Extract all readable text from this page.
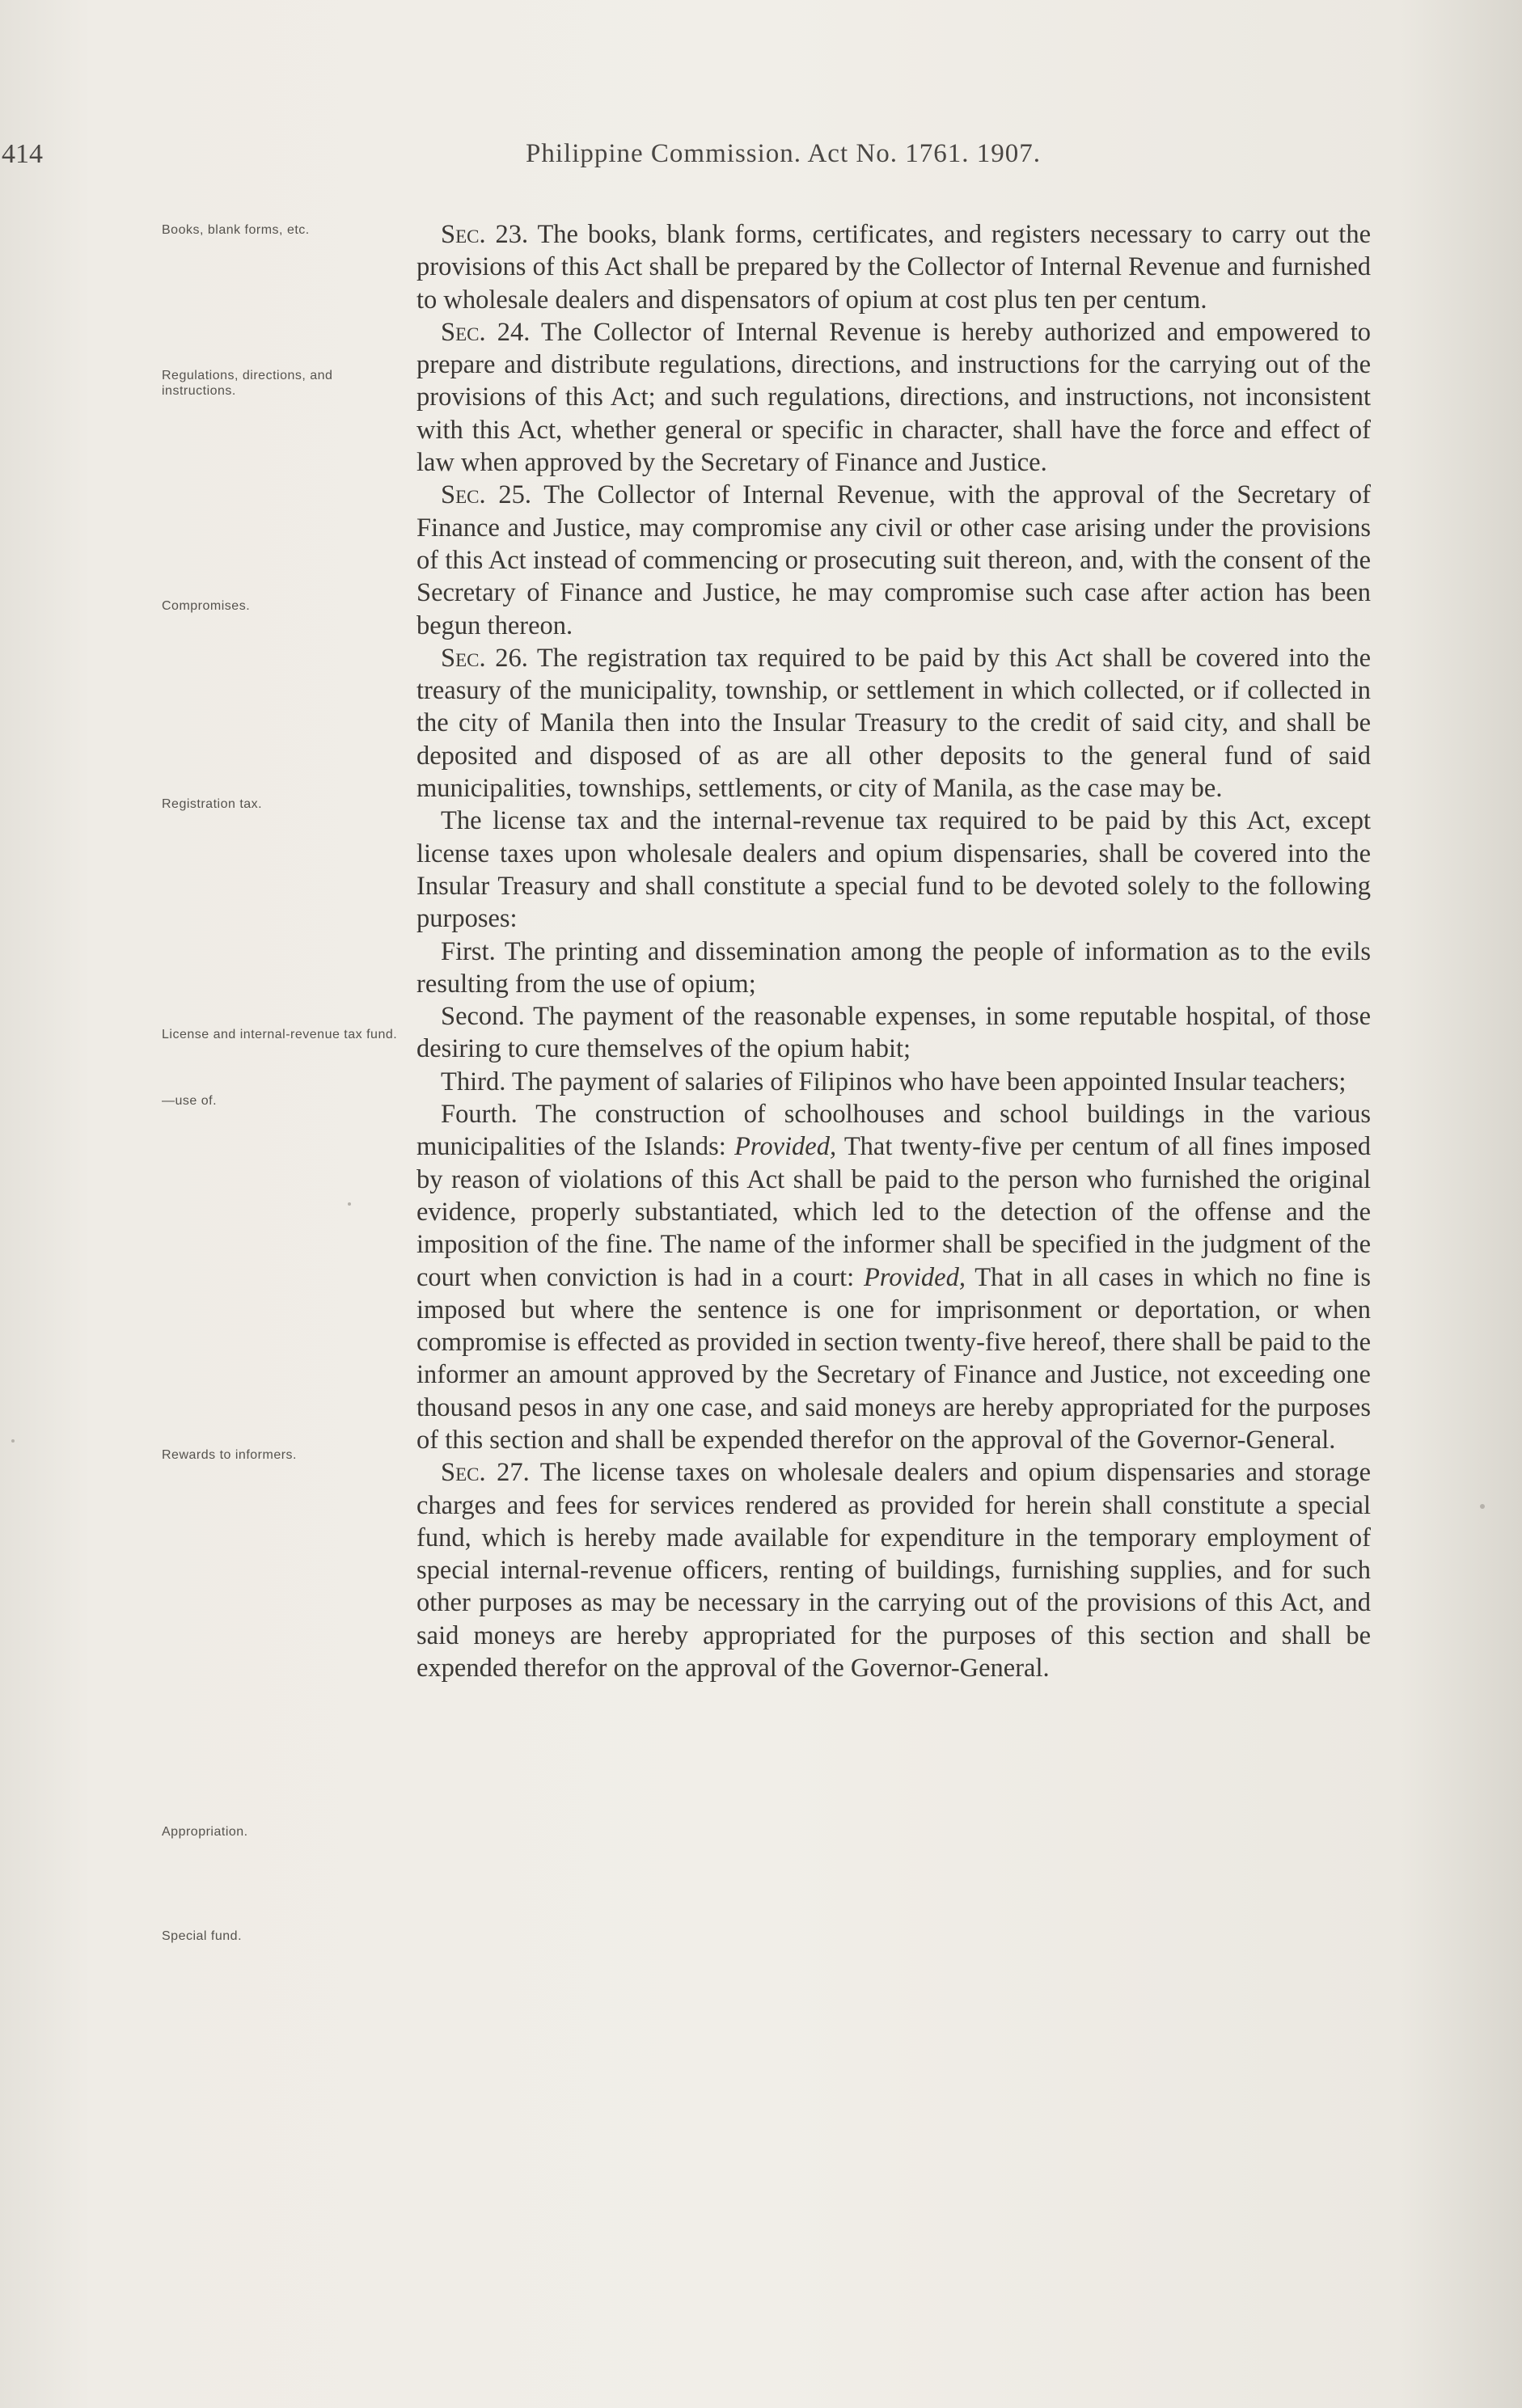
414	Philippine Commission. Act No. 1761. 1907.
Books, blank forms, etc.
Regulations, directions, and instructions.
Compromises.
Registration tax.
License and internal-revenue tax fund.
—use of.
Rewards to informers.
Appropriation.
Special fund.

Sec. 23. The books, blank forms, certificates, and registers necessary to carry out the provisions of this Act shall be prepared by the Collector of Internal Revenue and furnished to wholesale dealers and dispensators of opium at cost plus ten per centum.

Sec. 24. The Collector of Internal Revenue is hereby authorized and empowered to prepare and distribute regulations, directions, and instructions for the carrying out of the provisions of this Act; and such regulations, directions, and instructions, not inconsistent with this Act, whether general or specific in character, shall have the force and effect of law when approved by the Secretary of Finance and Justice.

Sec. 25. The Collector of Internal Revenue, with the approval of the Secretary of Finance and Justice, may compromise any civil or other case arising under the provisions of this Act instead of commencing or prosecuting suit thereon, and, with the consent of the Secretary of Finance and Justice, he may compromise such case after action has been begun thereon.

Sec. 26. The registration tax required to be paid by this Act shall be covered into the treasury of the municipality, township, or settlement in which collected, or if collected in the city of Manila then into the Insular Treasury to the credit of said city, and shall be deposited and disposed of as are all other deposits to the general fund of said municipalities, townships, settlements, or city of Manila, as the case may be.

The license tax and the internal-revenue tax required to be paid by this Act, except license taxes upon wholesale dealers and opium dispensaries, shall be covered into the Insular Treasury and shall constitute a special fund to be devoted solely to the following purposes:

First. The printing and dissemination among the people of information as to the evils resulting from the use of opium;

Second. The payment of the reasonable expenses, in some reputable hospital, of those desiring to cure themselves of the opium habit;

Third. The payment of salaries of Filipinos who have been appointed Insular teachers;

Fourth. The construction of schoolhouses and school buildings in the various municipalities of the Islands: Provided, That twenty-five per centum of all fines imposed by reason of violations of this Act shall be paid to the person who furnished the original evidence, properly substantiated, which led to the detection of the offense and the imposition of the fine. The name of the informer shall be specified in the judgment of the court when conviction is had in a court: Provided, That in all cases in which no fine is imposed but where the sentence is one for imprisonment or deportation, or when compromise is effected as provided in section twenty-five hereof, there shall be paid to the informer an amount approved by the Secretary of Finance and Justice, not exceeding one thousand pesos in any one case, and said moneys are hereby appropriated for the purposes of this section and shall be expended therefor on the approval of the Governor-General.

Sec. 27. The license taxes on wholesale dealers and opium dispensaries and storage charges and fees for services rendered as provided for herein shall constitute a special fund, which is hereby made available for expenditure in the temporary employment of special internal-revenue officers, renting of buildings, furnishing supplies, and for such other purposes as may be necessary in the carrying out of the provisions of this Act, and said moneys are hereby appropriated for the purposes of this section and shall be expended therefor on the approval of the Governor-General.
